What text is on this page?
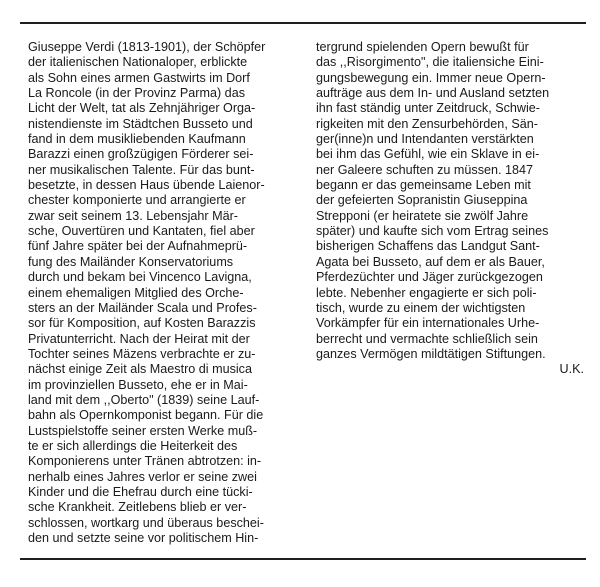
Giuseppe Verdi (1813-1901), der Schöpfer
der italienischen Nationaloper, erblickte
als Sohn eines armen Gastwirts im Dorf
La Roncole (in der Provinz Parma) das
Licht der Welt, tat als Zehnjähriger Orga-
nistendienste im Städtchen Busseto und
fand in dem musikliebenden Kaufmann
Barazzi einen großzügigen Förderer sei-
ner musikalischen Talente. Für das bunt-
besetzte, in dessen Haus übende Laienor-
chester komponierte und arrangierte er
zwar seit seinem 13. Lebensjahr Mär-
sche, Ouvertüren und Kantaten, fiel aber
fünf Jahre später bei der Aufnahmeprü-
fung des Mailänder Konservatoriums
durch und bekam bei Vincenco Lavigna,
einem ehemaligen Mitglied des Orche-
sters an der Mailänder Scala und Profes-
sor für Komposition, auf Kosten Barazzis
Privatunterricht. Nach der Heirat mit der
Tochter seines Mäzens verbrachte er zu-
nächst einige Zeit als Maestro di musica
im provinziellen Busseto, ehe er in Mai-
land mit dem ,,Oberto" (1839) seine Lauf-
bahn als Opernkomponist begann. Für die
Lustspielstoffe seiner ersten Werke muß-
te er sich allerdings die Heiterkeit des
Komponierens unter Tränen abtrotzen: in-
nerhalb eines Jahres verlor er seine zwei
Kinder und die Ehefrau durch eine tücki-
sche Krankheit. Zeitlebens blieb er ver-
schlossen, wortkarg und überaus beschei-
den und setzte seine vor politischem Hin-
tergrund spielenden Opern bewußt für
das ,,Risorgimento", die italiensiche Eini-
gungsbewegung ein. Immer neue Opern-
aufträge aus dem In- und Ausland setzten
ihn fast ständig unter Zeitdruck, Schwie-
rigkeiten mit den Zensurbehörden, Sän-
ger(inne)n und Intendanten verstärkten
bei ihm das Gefühl, wie ein Sklave in ei-
ner Galeere schuften zu müssen. 1847
begann er das gemeinsame Leben mit
der gefeierten Sopranistin Giuseppina
Strepponi (er heiratete sie zwölf Jahre
später) und kaufte sich vom Ertrag seines
bisherigen Schaffens das Landgut Sant-
Agata bei Busseto, auf dem er als Bauer,
Pferdezüchter und Jäger zurückgezogen
lebte. Nebenher engagierte er sich poli-
tisch, wurde zu einem der wichtigsten
Vorkämpfer für ein internationales Urhe-
berrecht und vermachte schließlich sein
ganzes Vermögen mildtätigen Stiftungen.
U.K.
